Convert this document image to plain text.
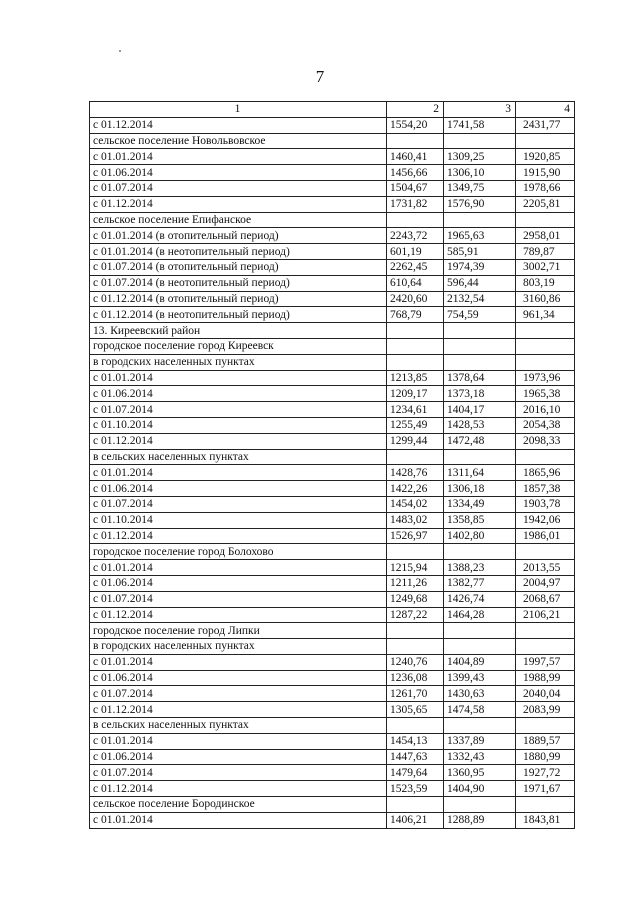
7
1	2	3	4
с 01.12.2014	1554,20	1741,58	2431,77
сельское поселение Новольвовское			
с 01.01.2014	1460,41	1309,25	1920,85
с 01.06.2014	1456,66	1306,10	1915,90
с 01.07.2014	1504,67	1349,75	1978,66
с 01.12.2014	1731,82	1576,90	2205,81
сельское поселение Епифанское			
с 01.01.2014 (в отопительный период)	2243,72	1965,63	2958,01
с 01.01.2014 (в неотопительный период)	601,19	585,91	789,87
с 01.07.2014 (в отопительный период)	2262,45	1974,39	3002,71
с 01.07.2014 (в неотопительный период)	610,64	596,44	803,19
с 01.12.2014 (в отопительный период)	2420,60	2132,54	3160,86
с 01.12.2014 (в неотопительный период)	768,79	754,59	961,34
13. Киреевский район			
городское поселение город Киреевск			
в городских населенных пунктах			
с 01.01.2014	1213,85	1378,64	1973,96
с 01.06.2014	1209,17	1373,18	1965,38
с 01.07.2014	1234,61	1404,17	2016,10
с 01.10.2014	1255,49	1428,53	2054,38
с 01.12.2014	1299,44	1472,48	2098,33
в сельских населенных пунктах			
с 01.01.2014	1428,76	1311,64	1865,96
с 01.06.2014	1422,26	1306,18	1857,38
с 01.07.2014	1454,02	1334,49	1903,78
с 01.10.2014	1483,02	1358,85	1942,06
с 01.12.2014	1526,97	1402,80	1986,01
городское поселение город Болохово			
с 01.01.2014	1215,94	1388,23	2013,55
с 01.06.2014	1211,26	1382,77	2004,97
с 01.07.2014	1249,68	1426,74	2068,67
с 01.12.2014	1287,22	1464,28	2106,21
городское поселение город Липки			
в городских населенных пунктах			
с 01.01.2014	1240,76	1404,89	1997,57
с 01.06.2014	1236,08	1399,43	1988,99
с 01.07.2014	1261,70	1430,63	2040,04
с 01.12.2014	1305,65	1474,58	2083,99
в сельских населенных пунктах			
с 01.01.2014	1454,13	1337,89	1889,57
с 01.06.2014	1447,63	1332,43	1880,99
с 01.07.2014	1479,64	1360,95	1927,72
с 01.12.2014	1523,59	1404,90	1971,67
сельское поселение Бородинское			
с 01.01.2014	1406,21	1288,89	1843,81
